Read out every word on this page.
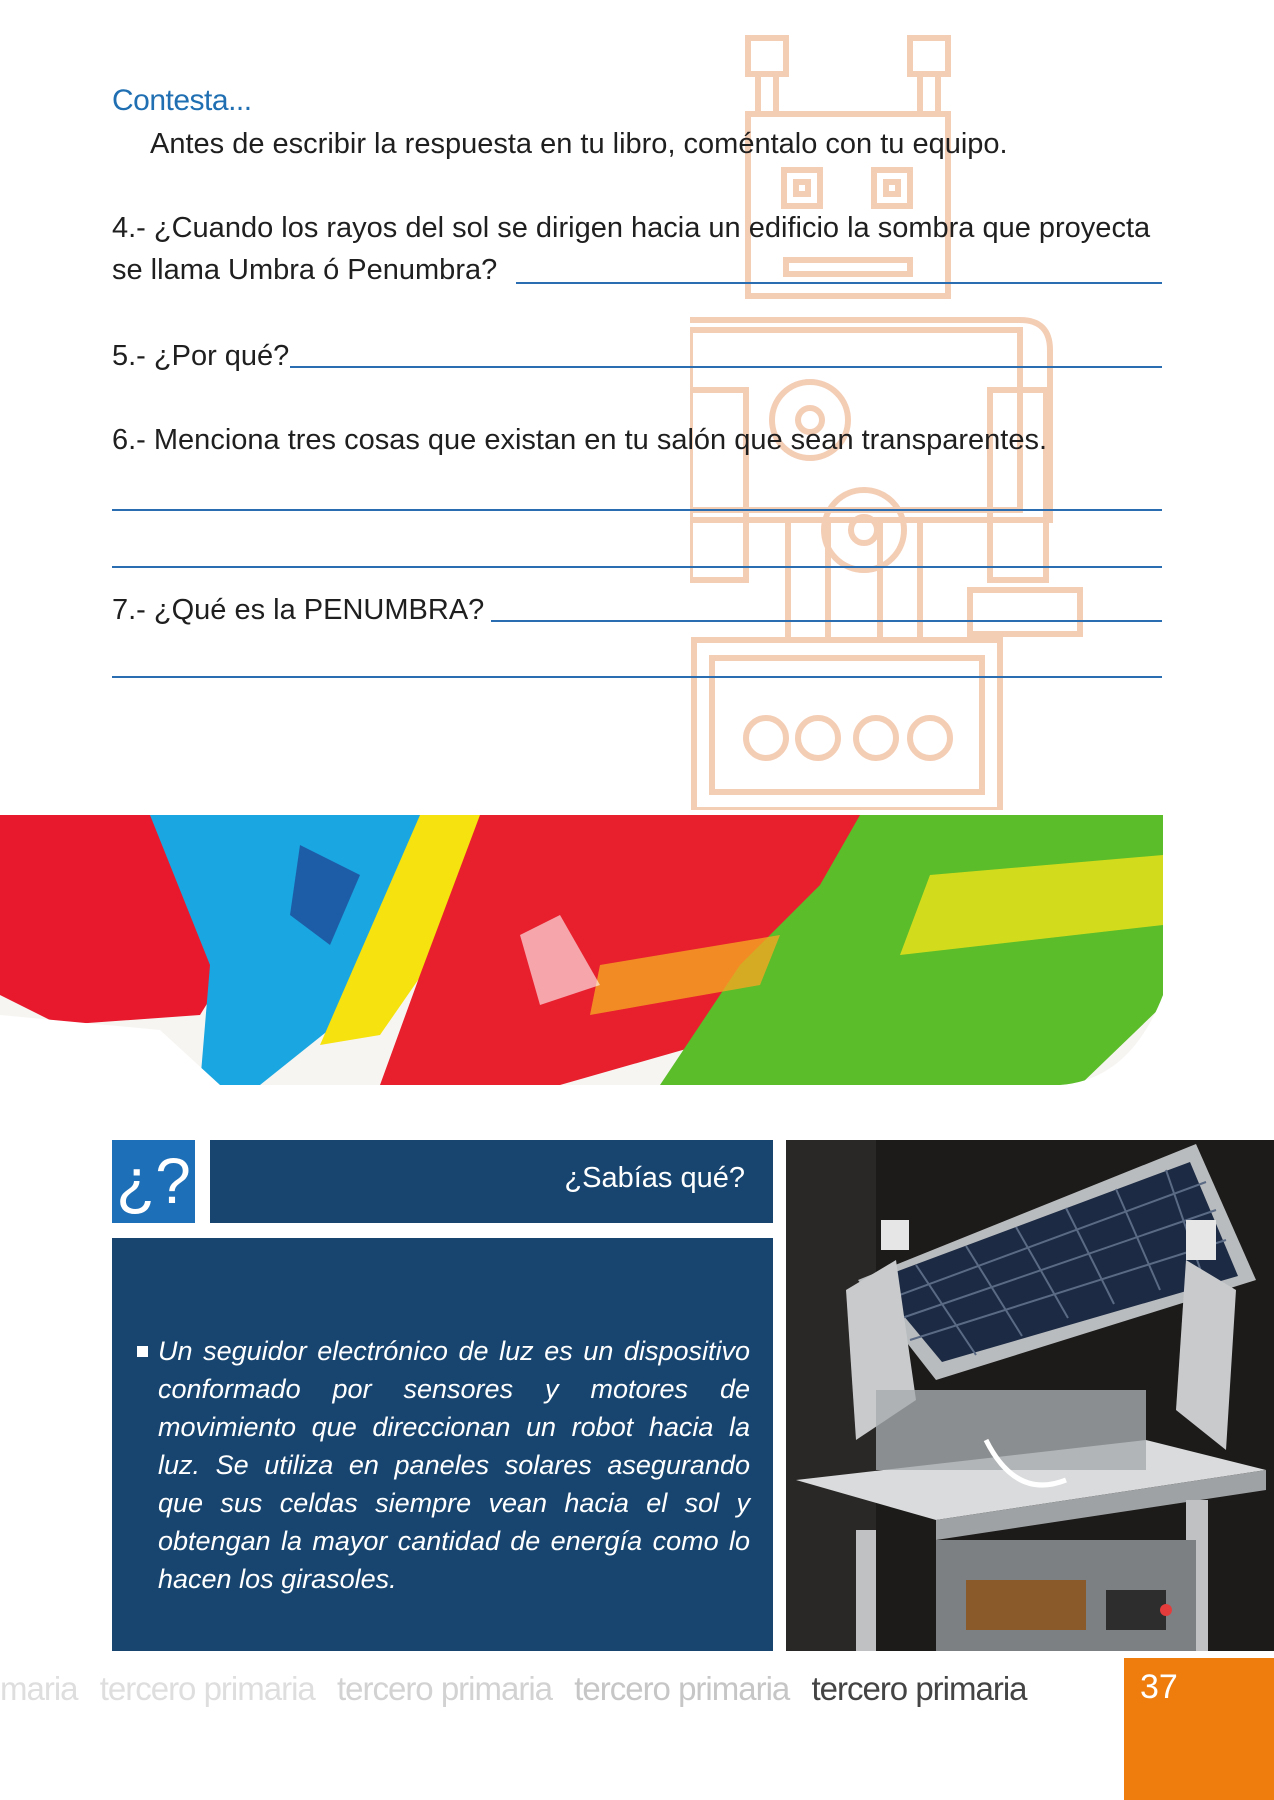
Contesta...
Antes de escribir la respuesta en tu libro, coméntalo con tu equipo.
4.- ¿Cuando los rayos del sol se dirigen hacia un edificio la sombra que proyecta
se llama Umbra ó Penumbra?
5.- ¿Por qué?
6.- Menciona tres cosas que existan en tu salón que sean transparentes.
7.- ¿Qué es la PENUMBRA?
¿?	¿Sabías qué?
Un seguidor electrónico de luz es un dispositivo conformado por sensores y motores de movimiento que direccionan un robot hacia la luz. Se utiliza en paneles solares asegurando que sus celdas siempre vean hacia el sol y obtengan la mayor cantidad de energía como lo hacen los girasoles.
maria tercero primaria tercero primaria tercero primaria tercero primaria	37
